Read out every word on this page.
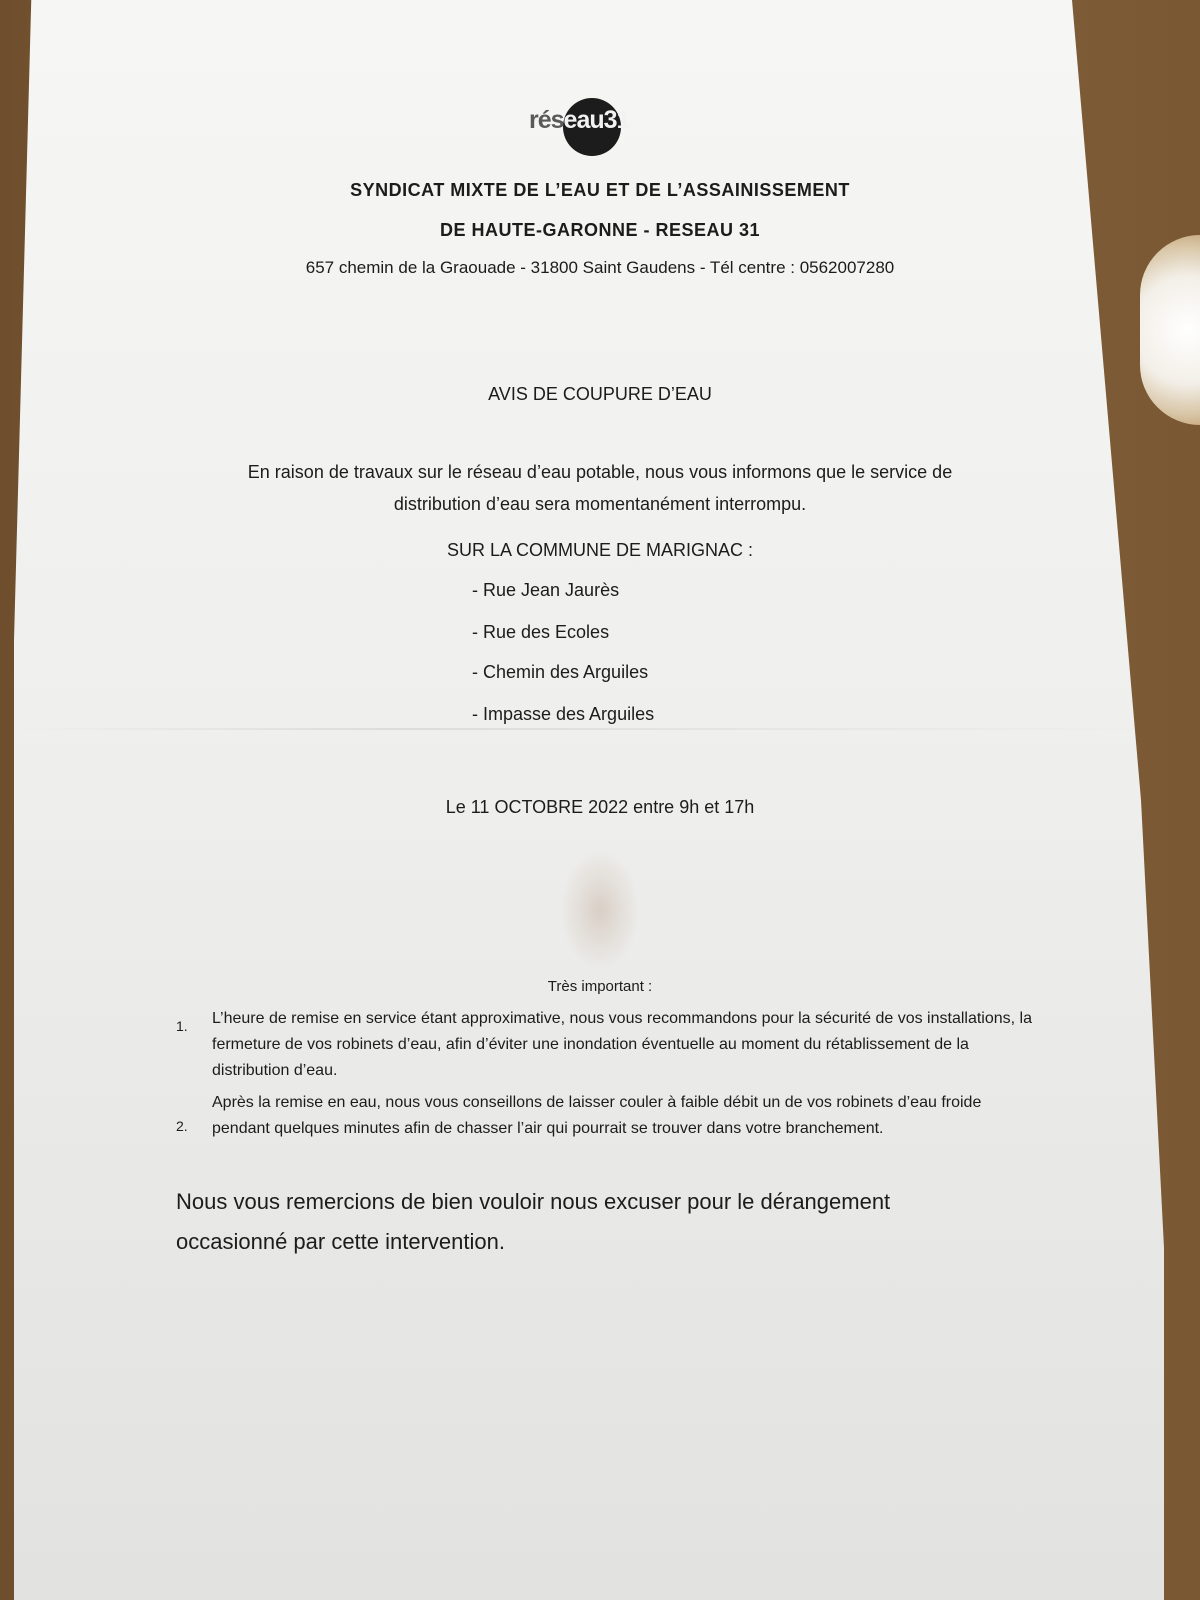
réseau31
SYNDICAT MIXTE DE L’EAU ET DE L’ASSAINISSEMENT
DE HAUTE-GARONNE - RESEAU 31
657 chemin de la Graouade - 31800 Saint Gaudens - Tél centre : 0562007280
AVIS DE COUPURE D’EAU
En raison de travaux sur le réseau d’eau potable, nous vous informons que le service de
distribution d’eau sera momentanément interrompu.
SUR LA COMMUNE DE MARIGNAC :
- Rue Jean Jaurès
- Rue des Ecoles
- Chemin des Arguiles
- Impasse des Arguiles
Le 11 OCTOBRE 2022 entre 9h et 17h
Très important :
1. L’heure de remise en service étant approximative, nous vous recommandons pour la sécurité de vos installations, la fermeture de vos robinets d’eau, afin d’éviter une inondation éventuelle au moment du rétablissement de la distribution d’eau.
2.
Après la remise en eau, nous vous conseillons de laisser couler à faible débit un de vos robinets d’eau froide pendant quelques minutes afin de chasser l’air qui pourrait se trouver dans votre branchement.
Nous vous remercions de bien vouloir nous excuser pour le dérangement occasionné par cette intervention.
